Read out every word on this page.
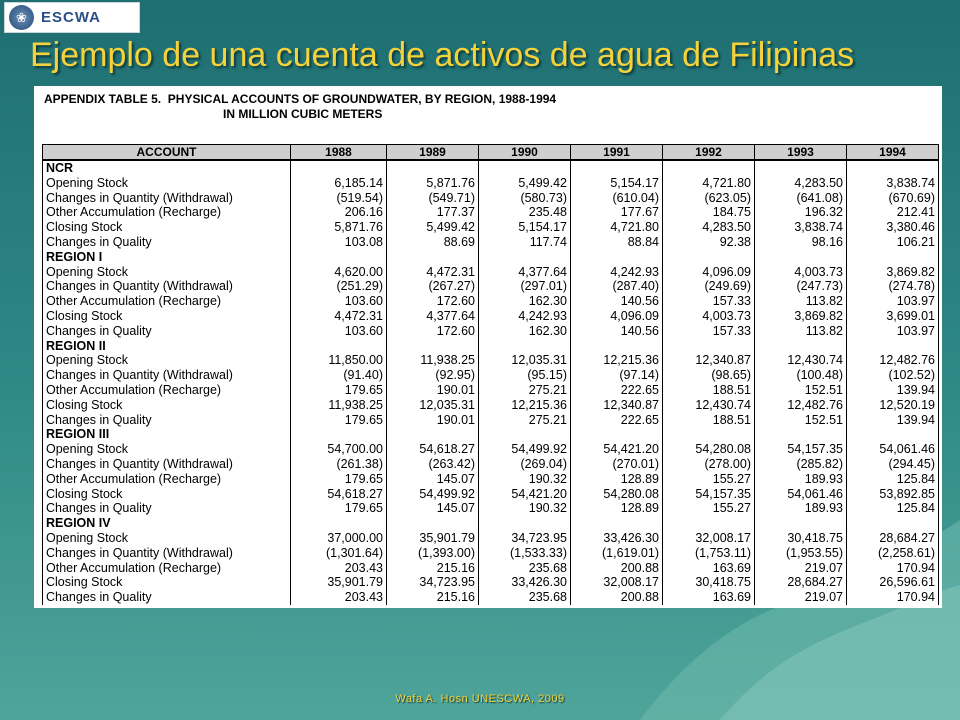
❀ ESCWA
Ejemplo de una cuenta de activos de agua de Filipinas

APPENDIX TABLE 5.  PHYSICAL ACCOUNTS OF GROUNDWATER, BY REGION, 1988-1994

IN MILLION CUBIC METERS

ACCOUNT	1988	1989	1990	1991	1992	1993	1994
NCR							
Opening Stock	6,185.14	5,871.76	5,499.42	5,154.17	4,721.80	4,283.50	3,838.74
Changes in Quantity (Withdrawal)	(519.54)	(549.71)	(580.73)	(610.04)	(623.05)	(641.08)	(670.69)
Other Accumulation (Recharge)	206.16	177.37	235.48	177.67	184.75	196.32	212.41
Closing Stock	5,871.76	5,499.42	5,154.17	4,721.80	4,283.50	3,838.74	3,380.46
Changes in Quality	103.08	88.69	117.74	88.84	92.38	98.16	106.21
REGION I							
Opening Stock	4,620.00	4,472.31	4,377.64	4,242.93	4,096.09	4,003.73	3,869.82
Changes in Quantity (Withdrawal)	(251.29)	(267.27)	(297.01)	(287.40)	(249.69)	(247.73)	(274.78)
Other Accumulation (Recharge)	103.60	172.60	162.30	140.56	157.33	113.82	103.97
Closing Stock	4,472.31	4,377.64	4,242.93	4,096.09	4,003.73	3,869.82	3,699.01
Changes in Quality	103.60	172.60	162.30	140.56	157.33	113.82	103.97
REGION II							
Opening Stock	11,850.00	11,938.25	12,035.31	12,215.36	12,340.87	12,430.74	12,482.76
Changes in Quantity (Withdrawal)	(91.40)	(92.95)	(95.15)	(97.14)	(98.65)	(100.48)	(102.52)
Other Accumulation (Recharge)	179.65	190.01	275.21	222.65	188.51	152.51	139.94
Closing Stock	11,938.25	12,035.31	12,215.36	12,340.87	12,430.74	12,482.76	12,520.19
Changes in Quality	179.65	190.01	275.21	222.65	188.51	152.51	139.94
REGION III							
Opening Stock	54,700.00	54,618.27	54,499.92	54,421.20	54,280.08	54,157.35	54,061.46
Changes in Quantity (Withdrawal)	(261.38)	(263.42)	(269.04)	(270.01)	(278.00)	(285.82)	(294.45)
Other Accumulation (Recharge)	179.65	145.07	190.32	128.89	155.27	189.93	125.84
Closing Stock	54,618.27	54,499.92	54,421.20	54,280.08	54,157.35	54,061.46	53,892.85
Changes in Quality	179.65	145.07	190.32	128.89	155.27	189.93	125.84
REGION IV							
Opening Stock	37,000.00	35,901.79	34,723.95	33,426.30	32,008.17	30,418.75	28,684.27
Changes in Quantity (Withdrawal)	(1,301.64)	(1,393.00)	(1,533.33)	(1,619.01)	(1,753.11)	(1,953.55)	(2,258.61)
Other Accumulation (Recharge)	203.43	215.16	235.68	200.88	163.69	219.07	170.94
Closing Stock	35,901.79	34,723.95	33,426.30	32,008.17	30,418.75	28,684.27	26,596.61
Changes in Quality	203.43	215.16	235.68	200.88	163.69	219.07	170.94
Wafa A. Hosn UNESCWA, 2009
